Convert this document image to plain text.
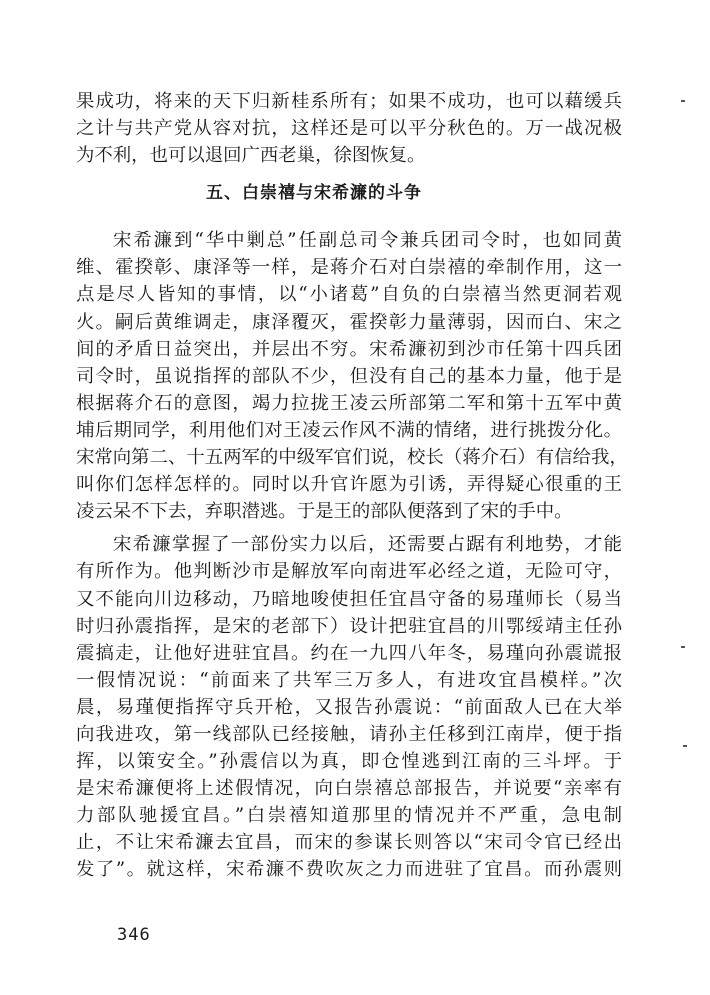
果成功，将来的天下归新桂系所有；如果不成功，也可以藉缓兵
之计与共产党从容对抗，这样还是可以平分秋色的。万一战况极
为不利，也可以退回广西老巢，徐图恢复。
五、白崇禧与宋希濂的斗争
宋希濂到“华中剿总”任副总司令兼兵团司令时，也如同黄
维、霍揆彰、康泽等一样，是蒋介石对白崇禧的牵制作用，这一
点是尽人皆知的事情，以“小诸葛”自负的白崇禧当然更洞若观
火。嗣后黄维调走，康泽覆灭，霍揆彰力量薄弱，因而白、宋之
间的矛盾日益突出，并层出不穷。宋希濂初到沙市任第十四兵团
司令时，虽说指挥的部队不少，但没有自己的基本力量，他于是
根据蒋介石的意图，竭力拉拢王凌云所部第二军和第十五军中黄
埔后期同学，利用他们对王凌云作风不满的情绪，进行挑拨分化。
宋常向第二、十五两军的中级军官们说，校长（蒋介石）有信给我，
叫你们怎样怎样的。同时以升官许愿为引诱，弄得疑心很重的王
凌云呆不下去，弃职潜逃。于是王的部队便落到了宋的手中。
宋希濂掌握了一部份实力以后，还需要占踞有利地势，才能
有所作为。他判断沙市是解放军向南进军必经之道，无险可守，
又不能向川边移动，乃暗地唆使担任宜昌守备的易瑾师长（易当
时归孙震指挥，是宋的老部下）设计把驻宜昌的川鄂绥靖主任孙
震搞走，让他好进驻宜昌。约在一九四八年冬，易瑾向孙震谎报
一假情况说：“前面来了共军三万多人，有进攻宜昌模样。”次
晨，易瑾便指挥守兵开枪，又报告孙震说：“前面敌人已在大举
向我进攻，第一线部队已经接触，请孙主任移到江南岸，便于指
挥，以策安全。”孙震信以为真，即仓惶逃到江南的三斗坪。于
是宋希濂便将上述假情况，向白崇禧总部报告，并说要“亲率有
力部队驰援宜昌。”白崇禧知道那里的情况并不严重，急电制
止，不让宋希濂去宜昌，而宋的参谋长则答以“宋司令官已经出
发了”。就这样，宋希濂不费吹灰之力而进驻了宜昌。而孙震则
346
